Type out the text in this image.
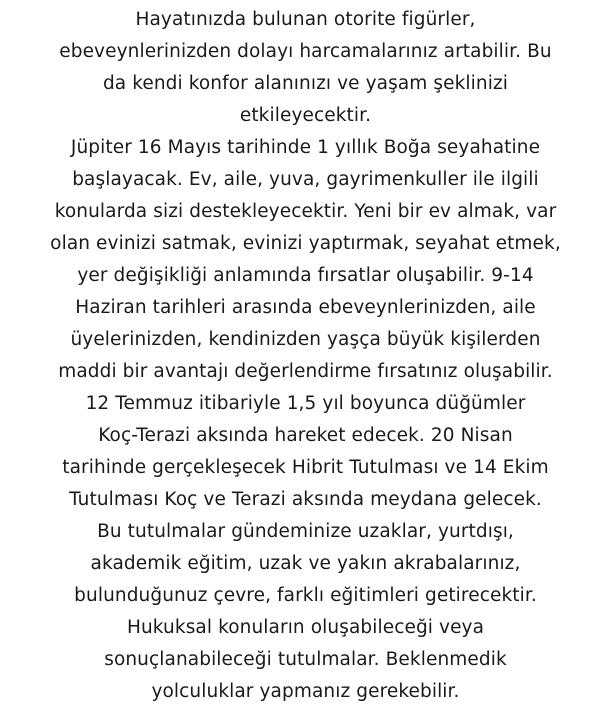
Hayatınızda bulunan otorite figürler,
ebeveynlerinizden dolayı harcamalarınız artabilir. Bu
da kendi konfor alanınızı ve yaşam şeklinizi
etkileyecektir.
Jüpiter 16 Mayıs tarihinde 1 yıllık Boğa seyahatine
başlayacak. Ev, aile, yuva, gayrimenkuller ile ilgili
konularda sizi destekleyecektir. Yeni bir ev almak, var
olan evinizi satmak, evinizi yaptırmak, seyahat etmek,
yer değişikliği anlamında fırsatlar oluşabilir. 9-14
Haziran tarihleri arasında ebeveynlerinizden, aile
üyelerinizden, kendinizden yaşça büyük kişilerden
maddi bir avantajı değerlendirme fırsatınız oluşabilir.
12 Temmuz itibariyle 1,5 yıl boyunca düğümler
Koç-Terazi aksında hareket edecek. 20 Nisan
tarihinde gerçekleşecek Hibrit Tutulması ve 14 Ekim
Tutulması Koç ve Terazi aksında meydana gelecek.
Bu tutulmalar gündeminize uzaklar, yurtdışı,
akademik eğitim, uzak ve yakın akrabalarınız,
bulunduğunuz çevre, farklı eğitimleri getirecektir.
Hukuksal konuların oluşabileceği veya
sonuçlanabileceği tutulmalar. Beklenmedik
yolculuklar yapmanız gerekebilir.
